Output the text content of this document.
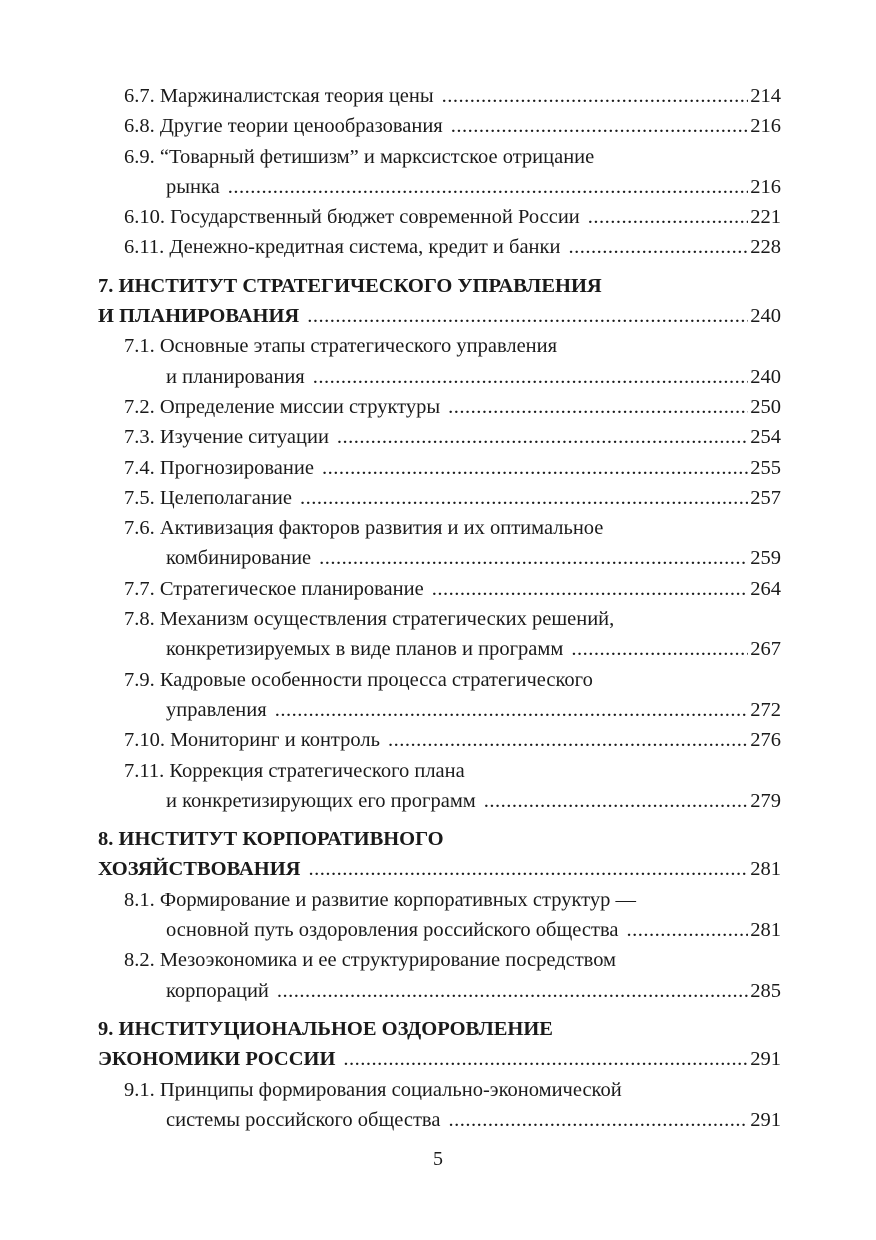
6.7. Маржиналистская теория цены .....	214
6.8. Другие теории ценообразования .....	216
6.9. “Товарный фетишизм” и марксистское отрицание
рынка .....	216
6.10. Государственный бюджет современной России .....	221
6.11. Денежно-кредитная система, кредит и банки .....	228
7. ИНСТИТУТ СТРАТЕГИЧЕСКОГО УПРАВЛЕНИЯ
И ПЛАНИРОВАНИЯ .....	240
7.1. Основные этапы стратегического управления
и планирования .....	240
7.2. Определение миссии структуры .....	250
7.3. Изучение ситуации .....	254
7.4. Прогнозирование .....	255
7.5. Целеполагание .....	257
7.6. Активизация факторов развития и их оптимальное
комбинирование .....	259
7.7. Стратегическое планирование .....	264
7.8. Механизм осуществления стратегических решений,
конкретизируемых в виде планов и программ .....	267
7.9. Кадровые особенности процесса стратегического
управления .....	272
7.10. Мониторинг и контроль .....	276
7.11. Коррекция стратегического плана
и конкретизирующих его программ .....	279
8. ИНСТИТУТ КОРПОРАТИВНОГО
ХОЗЯЙСТВОВАНИЯ .....	281
8.1. Формирование и развитие корпоративных структур —
основной путь оздоровления российского общества .....	281
8.2. Мезоэкономика и ее структурирование посредством
корпораций .....	285
9. ИНСТИТУЦИОНАЛЬНОЕ ОЗДОРОВЛЕНИЕ
ЭКОНОМИКИ РОССИИ .....	291
9.1. Принципы формирования социально-экономической
системы российского общества .....	291
5
